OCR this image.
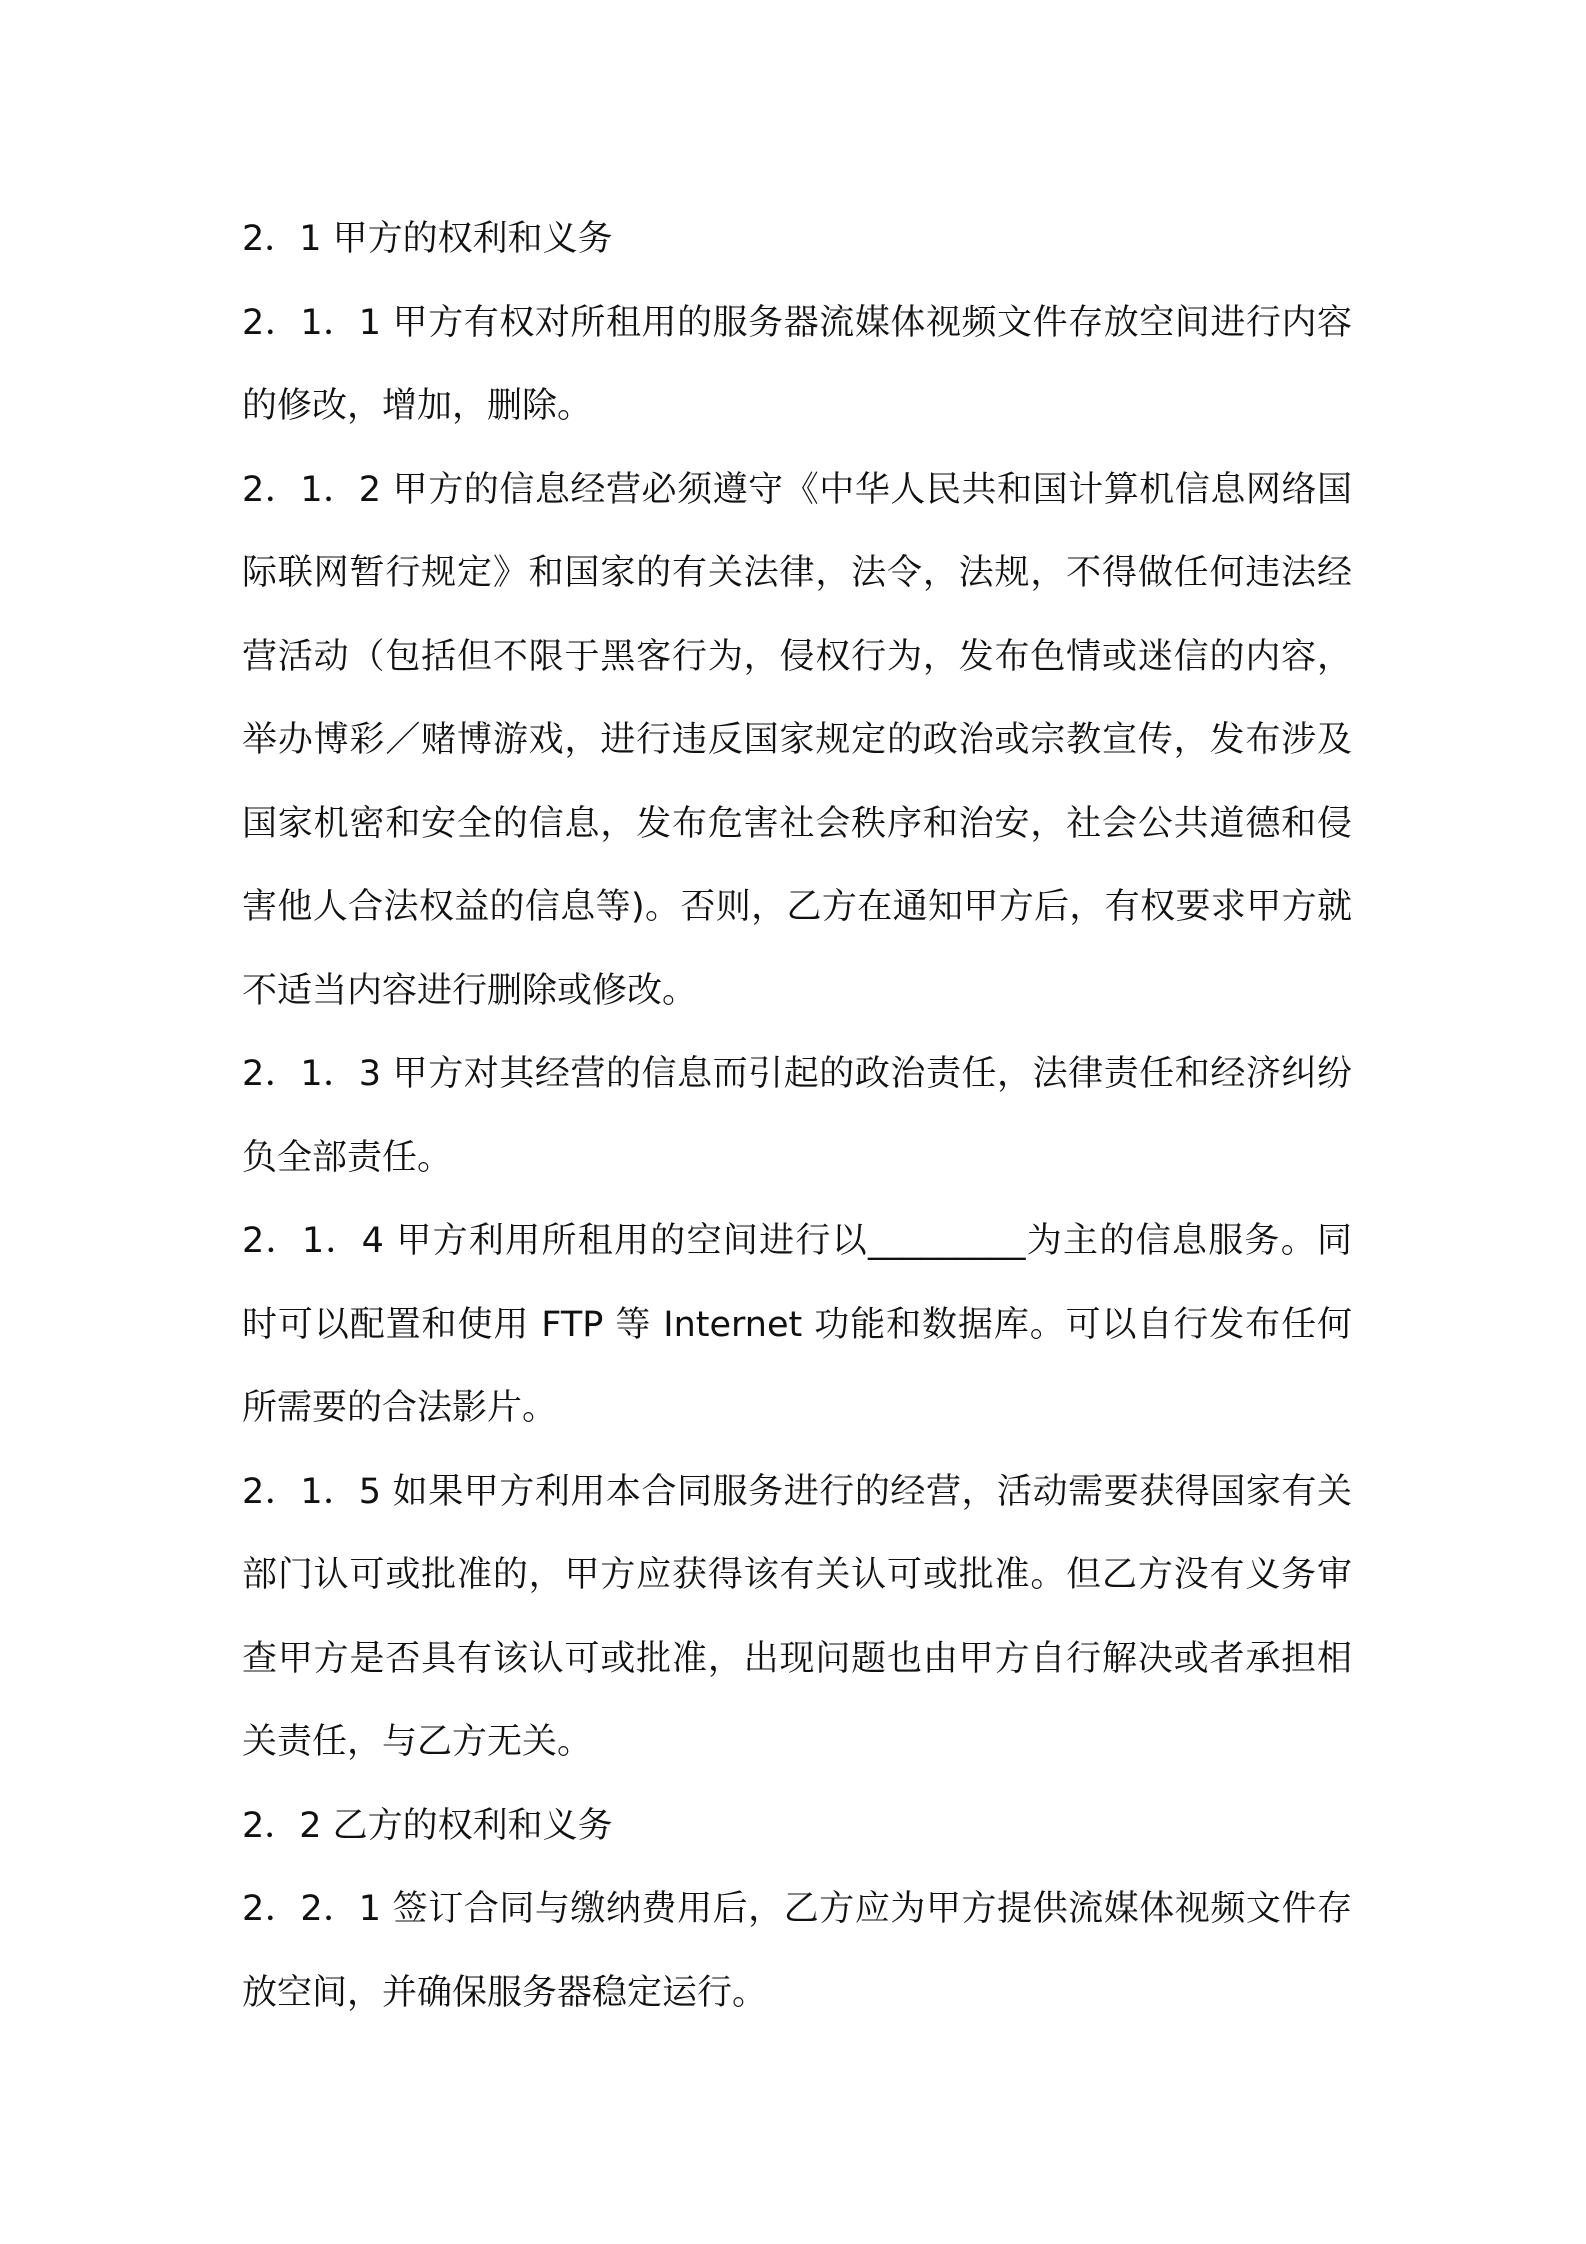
2．1 甲方的权利和义务

2．1．1 甲方有权对所租用的服务器流媒体视频文件存放空间进行内容的修改，增加，删除。

2．1．2 甲方的信息经营必须遵守《中华人民共和国计算机信息网络国际联网暂行规定》和国家的有关法律，法令，法规，不得做任何违法经营活动（包括但不限于黑客行为，侵权行为，发布色情或迷信的内容，举办博彩／赌博游戏，进行违反国家规定的政治或宗教宣传，发布涉及国家机密和安全的信息，发布危害社会秩序和治安，社会公共道德和侵害他人合法权益的信息等)。否则，乙方在通知甲方后，有权要求甲方就不适当内容进行删除或修改。

2．1．3 甲方对其经营的信息而引起的政治责任，法律责任和经济纠纷负全部责任。

2．1．4 甲方利用所租用的空间进行以_________为主的信息服务。同时可以配置和使用 FTP 等 Internet 功能和数据库。可以自行发布任何所需要的合法影片。

2．1．5 如果甲方利用本合同服务进行的经营，活动需要获得国家有关部门认可或批准的，甲方应获得该有关认可或批准。但乙方没有义务审查甲方是否具有该认可或批准，出现问题也由甲方自行解决或者承担相关责任，与乙方无关。

2．2 乙方的权利和义务

2．2．1 签订合同与缴纳费用后，乙方应为甲方提供流媒体视频文件存放空间，并确保服务器稳定运行。
